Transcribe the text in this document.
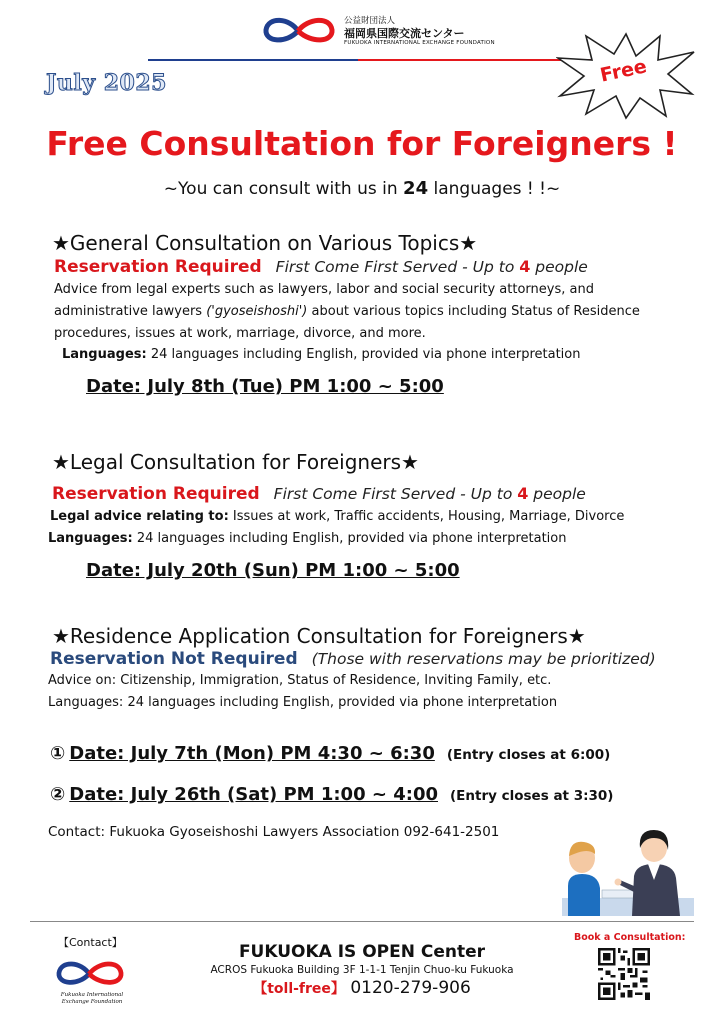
公益財団法人
福岡県国際交流センター
FUKUOKA INTERNATIONAL EXCHANGE FOUNDATION
July 2025	Free
Free Consultation for Foreigners !
~You can consult with us in 24 languages ! !~
★General Consultation on Various Topics★
Reservation Required First Come First Served - Up to 4 people
Advice from legal experts such as lawyers, labor and social security attorneys, and
administrative lawyers ('gyoseishoshi') about various topics including Status of Residence
procedures, issues at work, marriage, divorce, and more.
Languages: 24 languages including English, provided via phone interpretation
Date: July 8th (Tue) PM 1:00 ~ 5:00
★Legal Consultation for Foreigners★
Reservation Required First Come First Served - Up to 4 people
Legal advice relating to: Issues at work, Traffic accidents, Housing, Marriage, Divorce
Languages: 24 languages including English, provided via phone interpretation
Date: July 20th (Sun) PM 1:00 ~ 5:00
★Residence Application Consultation for Foreigners★
Reservation Not Required (Those with reservations may be prioritized)
Advice on: Citizenship, Immigration, Status of Residence, Inviting Family, etc.
Languages: 24 languages including English, provided via phone interpretation
① Date: July 7th (Mon) PM 4:30 ~ 6:30 (Entry closes at 6:00)
② Date: July 26th (Sat) PM 1:00 ~ 4:00 (Entry closes at 3:30)
Contact: Fukuoka Gyoseishoshi Lawyers Association 092-641-2501
【Contact】
Fukuoka International
Exchange Foundation
FUKUOKA IS OPEN Center
ACROS Fukuoka Building 3F 1-1-1 Tenjin Chuo-ku Fukuoka
【toll-free】 0120-279-906
Book a Consultation:
